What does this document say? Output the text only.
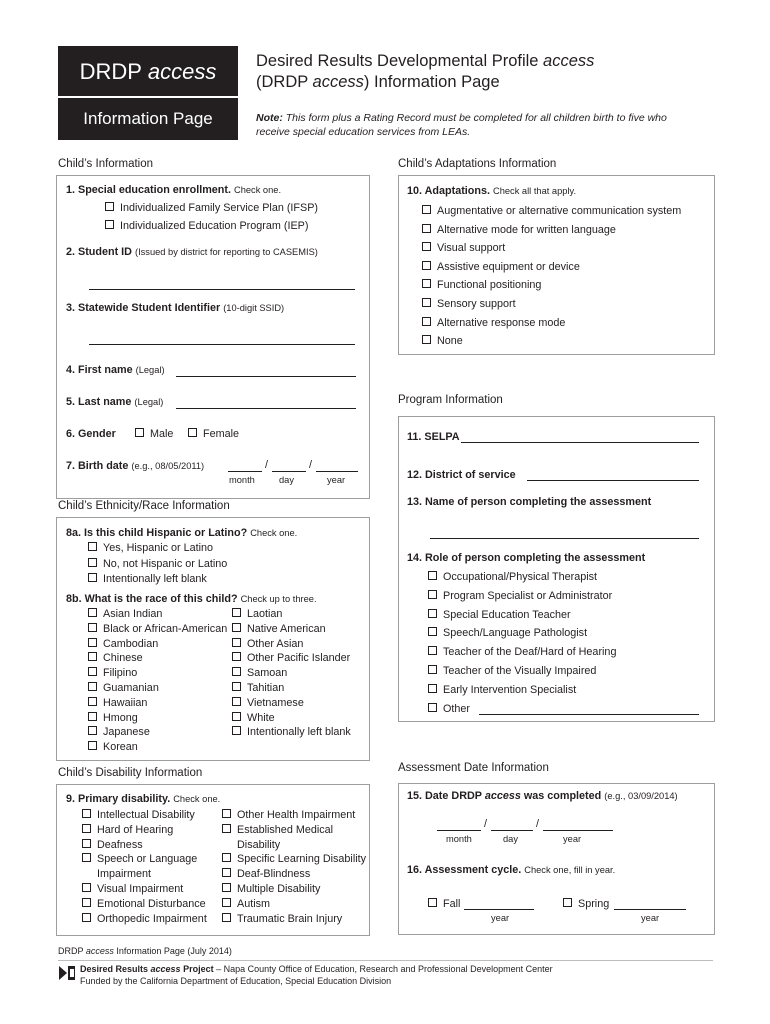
DRDP access
Information Page
Desired Results Developmental Profile access
(DRDP access) Information Page
Note: This form plus a Rating Record must be completed for all children birth to five who
receive special education services from LEAs.
Child’s Information
1. Special education enrollment. Check one.
Individualized Family Service Plan (IFSP)
Individualized Education Program (IEP)
2. Student ID (Issued by district for reporting to CASEMIS)
3. Statewide Student Identifier (10-digit SSID)
4. First name (Legal)
5. Last name (Legal)
6. Gender	Male	Female
7. Birth date (e.g., 08/05/2011)	/	/
month	day	year
Child’s Ethnicity/Race Information
8a. Is this child Hispanic or Latino? Check one.
Yes, Hispanic or Latino
No, not Hispanic or Latino
Intentionally left blank
8b. What is the race of this child? Check up to three.
Asian Indian
Black or African-American
Cambodian
Chinese
Filipino
Guamanian
Hawaiian
Hmong
Japanese
Korean
Laotian
Native American
Other Asian
Other Pacific Islander
Samoan
Tahitian
Vietnamese
White
Intentionally left blank
Child’s Disability Information
9. Primary disability. Check one.
Intellectual Disability
Hard of Hearing
Deafness
Speech or Language
Impairment
Visual Impairment
Emotional Disturbance
Orthopedic Impairment
Other Health Impairment
Established Medical
Disability
Specific Learning Disability
Deaf-Blindness
Multiple Disability
Autism
Traumatic Brain Injury
Child’s Adaptations Information
10. Adaptations. Check all that apply.
Augmentative or alternative communication system
Alternative mode for written language
Visual support
Assistive equipment or device
Functional positioning
Sensory support
Alternative response mode
None
Program Information
11. SELPA
12. District of service
13. Name of person completing the assessment
14. Role of person completing the assessment
Occupational/Physical Therapist
Program Specialist or Administrator
Special Education Teacher
Speech/Language Pathologist
Teacher of the Deaf/Hard of Hearing
Teacher of the Visually Impaired
Early Intervention Specialist
Other
Assessment Date Information
15. Date DRDP access was completed (e.g., 03/09/2014)
/	/
month	day	year
16. Assessment cycle. Check one, fill in year.
Fall	Spring
year	year
DRDP access Information Page (July 2014)
Desired Results access Project – Napa County Office of Education, Research and Professional Development Center
Funded by the California Department of Education, Special Education Division
